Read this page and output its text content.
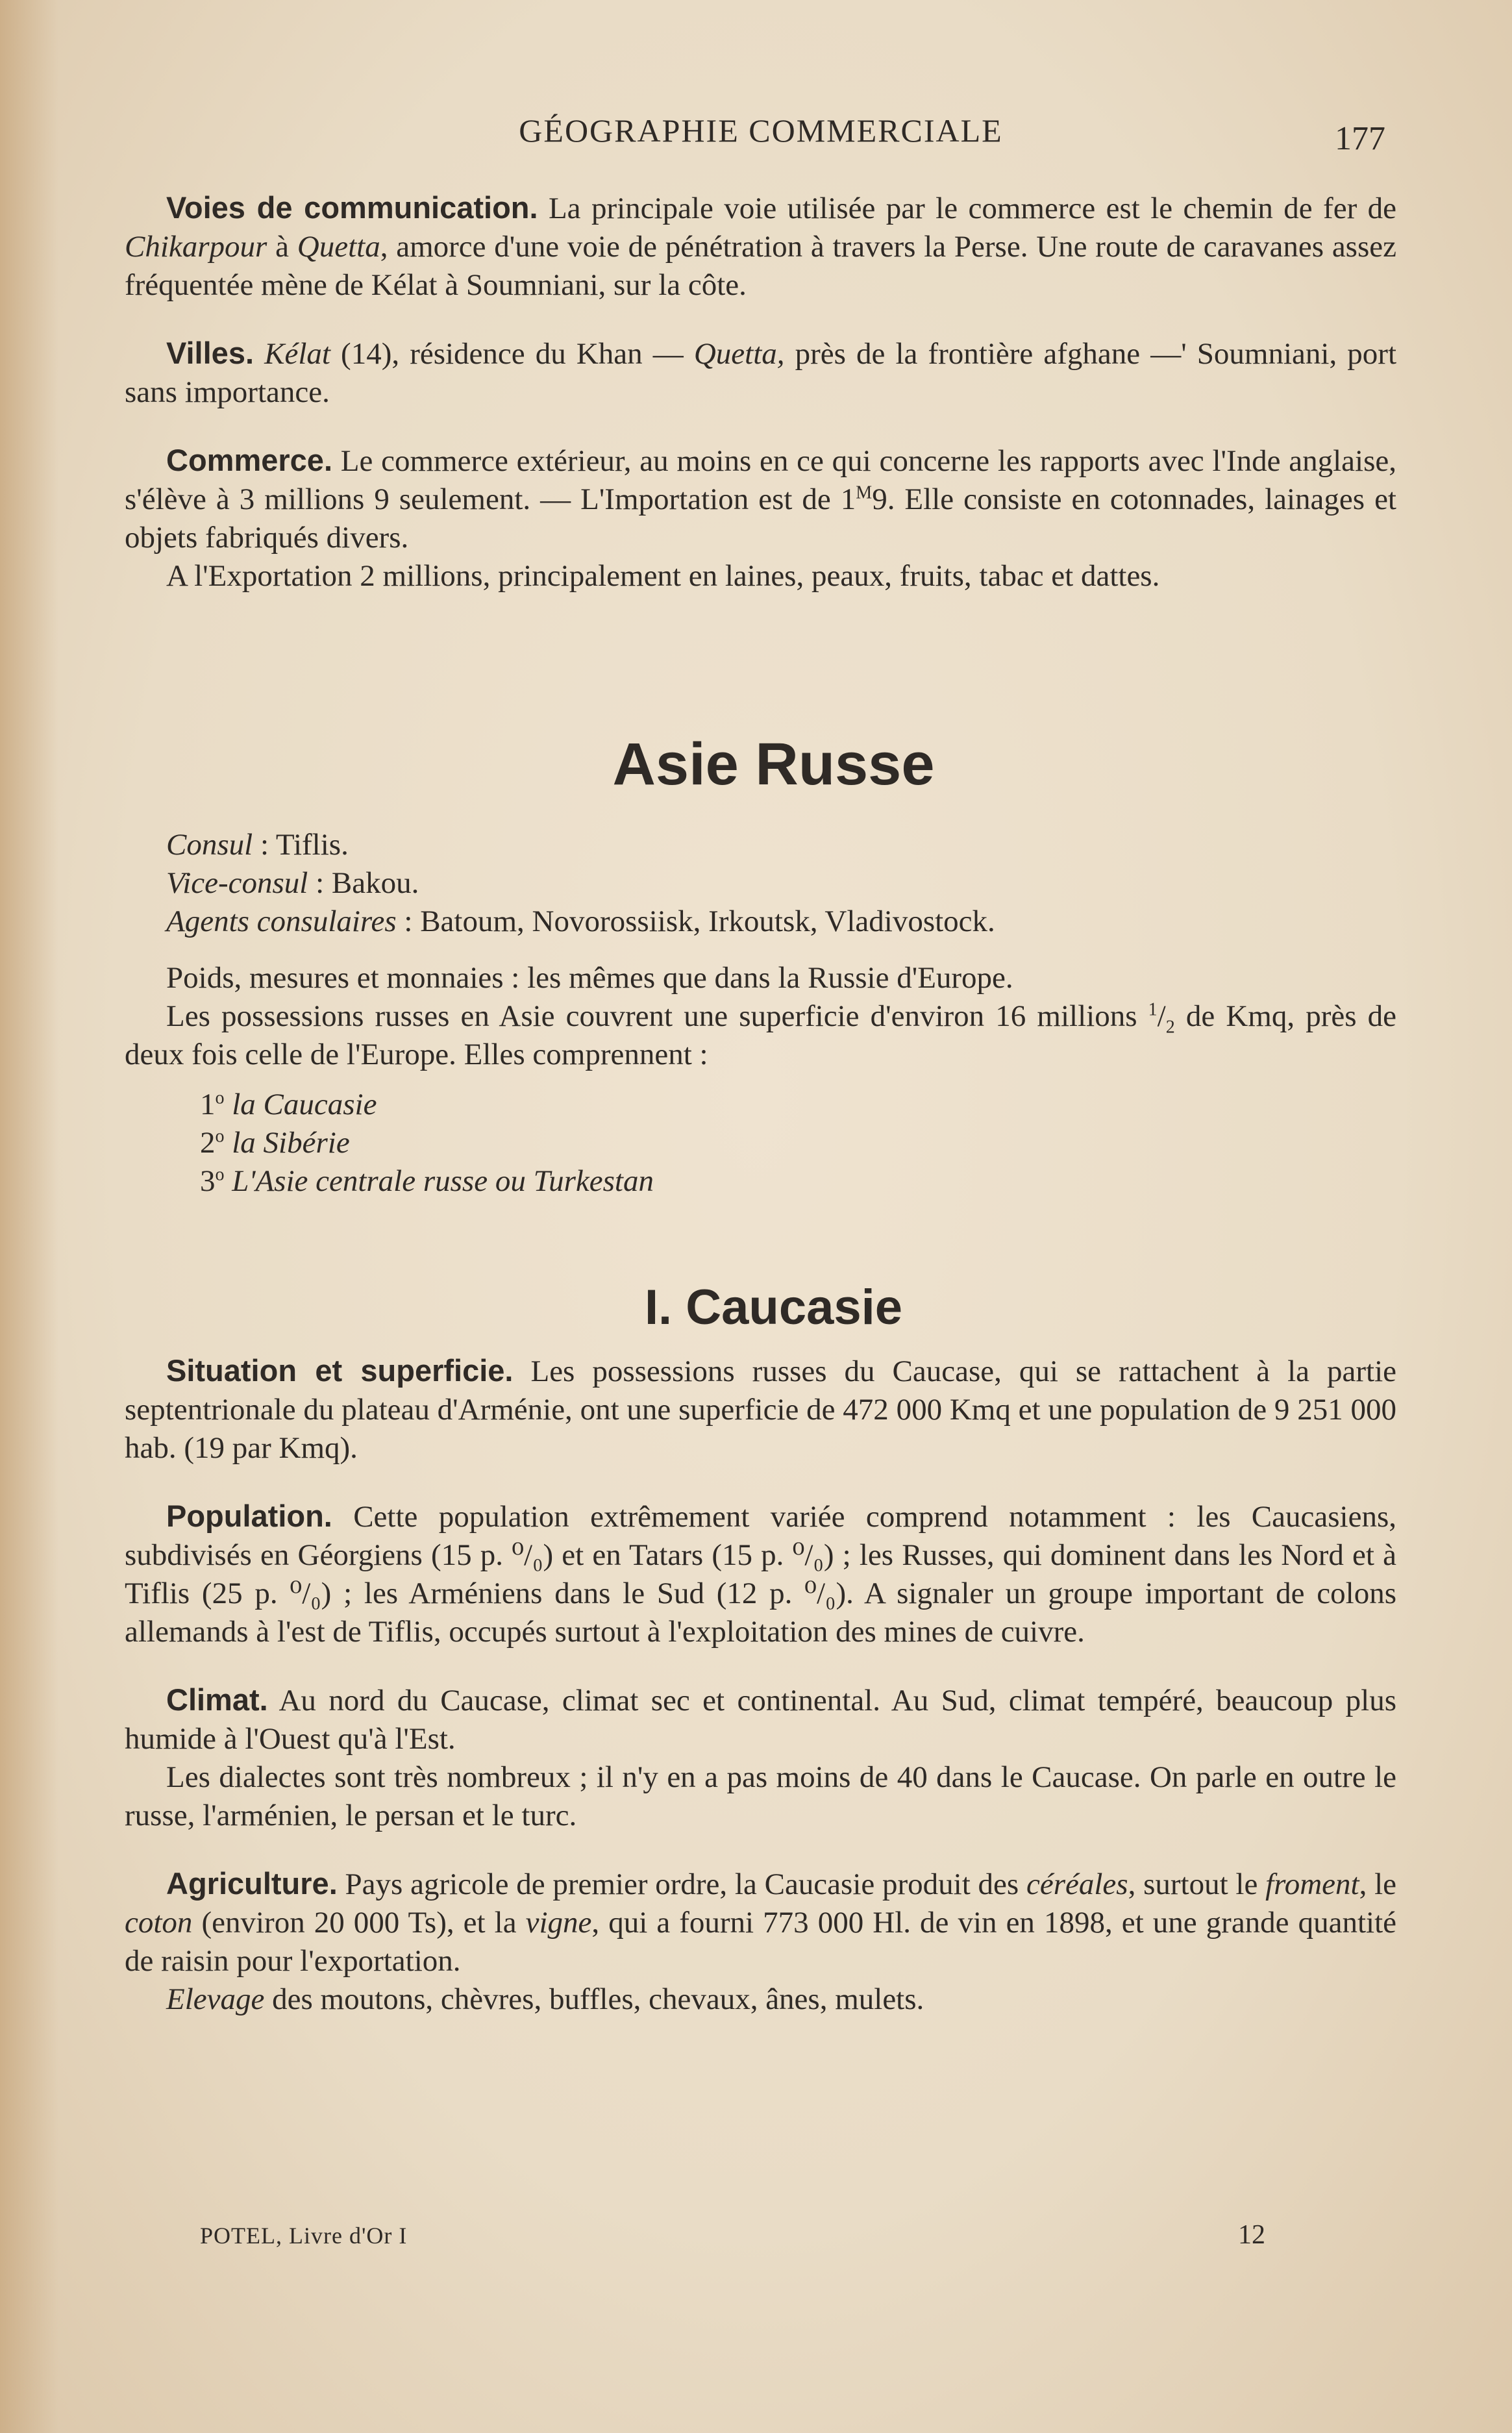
GÉOGRAPHIE COMMERCIALE	177

Voies de communication. La principale voie utilisée par le commerce est le chemin de fer de Chikarpour à Quetta, amorce d'une voie de pénétration à travers la Perse. Une route de caravanes assez fréquentée mène de Kélat à Soumniani, sur la côte.

Villes. Kélat (14), résidence du Khan — Quetta, près de la frontière afghane —' Soumniani, port sans importance.

Commerce. Le commerce extérieur, au moins en ce qui concerne les rapports avec l'Inde anglaise, s'élève à 3 millions 9 seulement. — L'Importation est de $1^M9$. Elle consiste en cotonnades, lainages et objets fabriqués divers.

A l'Exportation 2 millions, principalement en laines, peaux, fruits, tabac et dattes.

Asie Russe

Consul : Tiflis.

Vice-consul : Bakou.

Agents consulaires : Batoum, Novorossiisk, Irkoutsk, Vladivostock.

Poids, mesures et monnaies : les mêmes que dans la Russie d'Europe.

Les possessions russes en Asie couvrent une superficie d'environ 16 millions $^1/_2$ de Kmq, près de deux fois celle de l'Europe. Elles comprennent :

1$^o$ la Caucasie

2$^o$ la Sibérie

3$^o$ L'Asie centrale russe ou Turkestan

I. Caucasie

Situation et superficie. Les possessions russes du Caucase, qui se rattachent à la partie septentrionale du plateau d'Arménie, ont une superficie de 472 000 Kmq et une population de 9 251 000 hab. (19 par Kmq).

Population. Cette population extrêmement variée comprend notamment : les Caucasiens, subdivisés en Géorgiens (15 p. ⁰/₀) et en Tatars (15 p. ⁰/₀) ; les Russes, qui dominent dans les Nord et à Tiflis (25 p. ⁰/₀) ; les Arméniens dans le Sud (12 p. ⁰/₀). A signaler un groupe important de colons allemands à l'est de Tiflis, occupés surtout à l'exploitation des mines de cuivre.

Climat. Au nord du Caucase, climat sec et continental. Au Sud, climat tempéré, beaucoup plus humide à l'Ouest qu'à l'Est.

Les dialectes sont très nombreux ; il n'y en a pas moins de 40 dans le Caucase. On parle en outre le russe, l'arménien, le persan et le turc.

Agriculture. Pays agricole de premier ordre, la Caucasie produit des céréales, surtout le froment, le coton (environ 20 000 Ts), et la vigne, qui a fourni 773 000 Hl. de vin en 1898, et une grande quantité de raisin pour l'exportation.

Elevage des moutons, chèvres, buffles, chevaux, ânes, mulets.

POTEL, Livre d'Or I	12
